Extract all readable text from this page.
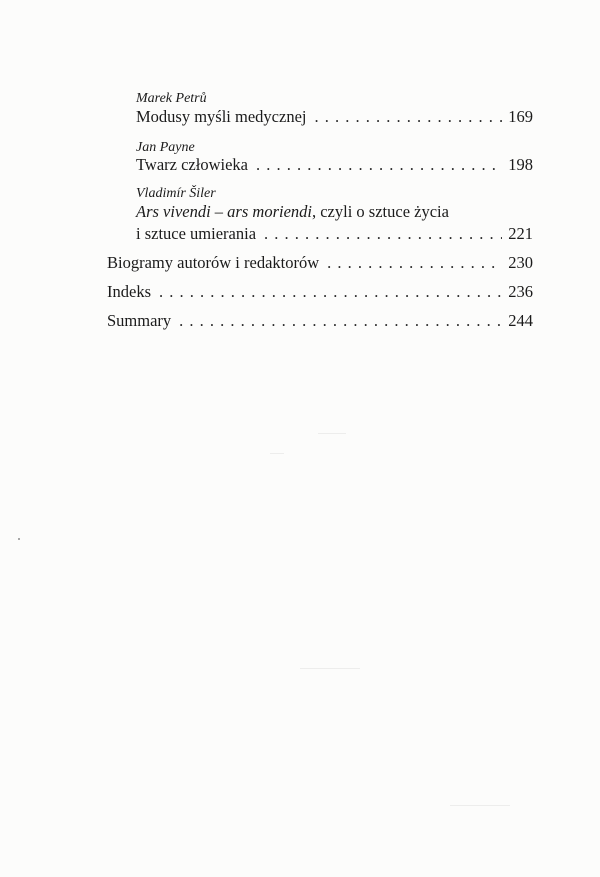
Marek Petrů
Modusy myśli medycznej . . .	169
Jan Payne
Twarz człowieka . . .	198
Vladimír Šiler
Ars vivendi – ars moriendi, czyli o sztuce życia
i sztuce umierania . . .	221
Biogramy autorów i redaktorów . . .	230
Indeks . . .	236
Summary . . .	244
